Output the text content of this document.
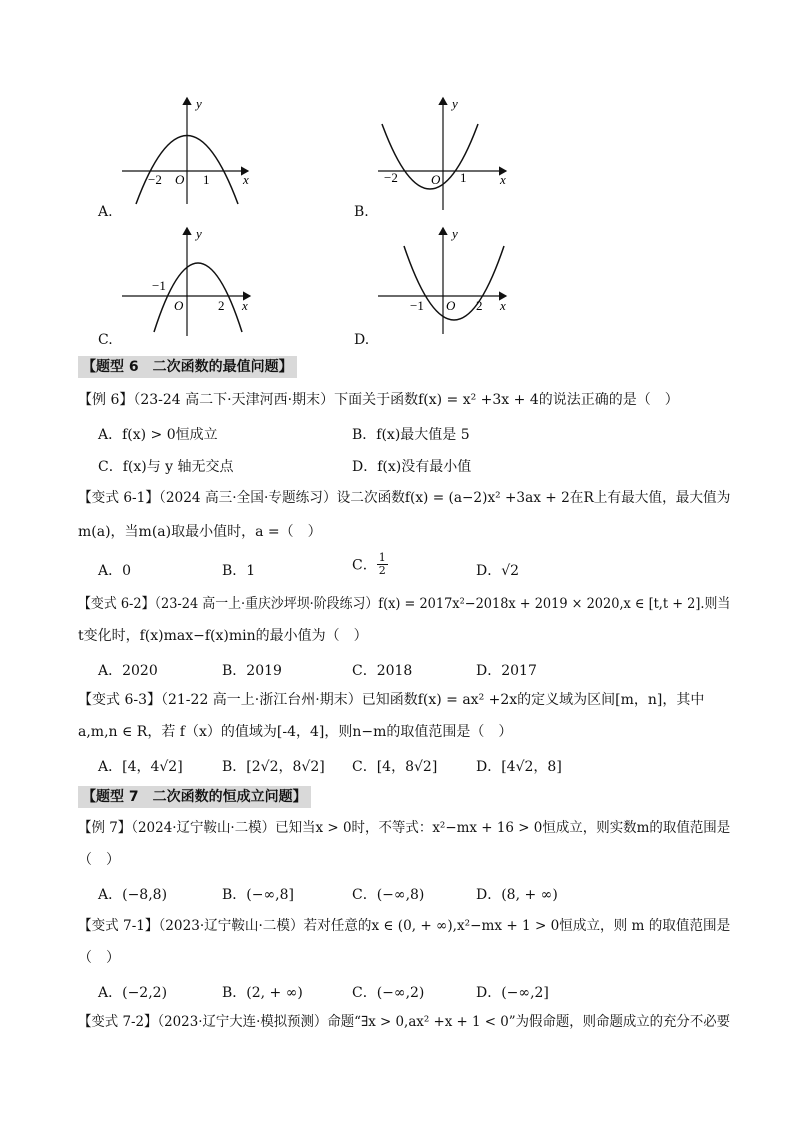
−2 O 1	x
y
A.
−2	O 1	x
y
B.
−1
O	2 x
y
C.
−1 O 2 x
y
D.
【题型 6　二次函数的最值问题】
【例 6】（23-24 高二下·天津河西·期末）下面关于函数f(x) = x² +3x + 4的说法正确的是（　）
A．f(x) > 0恒成立	B．f(x)最大值是 5
C．f(x)与 y 轴无交点	D．f(x)没有最小值
【变式 6-1】（2024 高三·全国·专题练习）设二次函数f(x) = (a−2)x² +3ax + 2在R上有最大值，最大值为
m(a)，当m(a)取最小值时，a =（　）
A．0	B．1	C． $\frac{1}{2}$	D．√2
【变式 6-2】（23-24 高一上·重庆沙坪坝·阶段练习）f(x) = 2017x²−2018x + 2019 × 2020,x ∈ [t,t + 2].则当
t变化时，f(x)max−f(x)min的最小值为（　）
A．2020	B．2019	C．2018	D．2017
【变式 6-3】（21-22 高一上·浙江台州·期末）已知函数f(x) = ax² +2x的定义域为区间[m，n]，其中
a,m,n ∈ R，若 f（x）的值域为[-4，4]，则n−m的取值范围是（　）
A．[4，4√2]	B．[2√2，8√2] C．[4，8√2]	D．[4√2，8]
【题型 7　二次函数的恒成立问题】
【例 7】（2024·辽宁鞍山·二模）已知当x > 0时，不等式：x²−mx + 16 > 0恒成立，则实数m的取值范围是
（　）
A．(−8,8)	B．(−∞,8]	C．(−∞,8)	D．(8, + ∞)
【变式 7-1】（2023·辽宁鞍山·二模）若对任意的x ∈ (0, + ∞),x²−mx + 1 > 0恒成立，则 m 的取值范围是
（　）
A．(−2,2)	B．(2, + ∞)	C．(−∞,2)	D．(−∞,2]
【变式 7-2】（2023·辽宁大连·模拟预测）命题“∃x > 0,ax² +x + 1 < 0”为假命题，则命题成立的充分不必要
